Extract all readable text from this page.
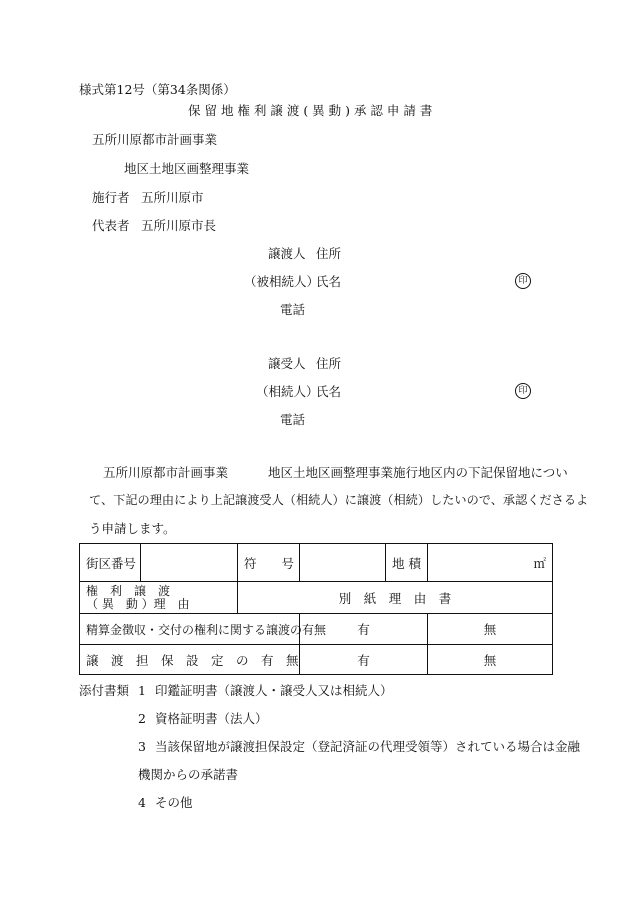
様式第12号（第34条関係）
保 留 地 権 利 譲 渡 ( 異 動 ) 承 認 申 請 書
五所川原都市計画事業
地区土地区画整理事業
施行者 五所川原市
代表者 五所川原市長
譲渡人 住所
（被相続人）
氏名	印
電話
譲受人 住所
（相続人）
氏名	印
電話
五所川原都市計画事業	地区土地区画整理事業施行地区内の下記保留地につい
て、下記の理由により上記譲渡受人（相続人）に譲渡（相続）したいので、承認くださるよ
う申請します。
街区番号		符　　号		地 積	㎡

権　利　譲　渡
（ 異　動 ）理　由		別　紙　理　由　書			
精算金徴収・交付の権利に関する譲渡の有無			有		無
譲　渡　担　保　設　定　の　有　無			有		無
添付書類 1 印鑑証明書（譲渡人・譲受人又は相続人）
2 資格証明書（法人）
3 当該保留地が譲渡担保設定（登記済証の代理受領等）されている場合は金融
機関からの承諾書
4 その他
